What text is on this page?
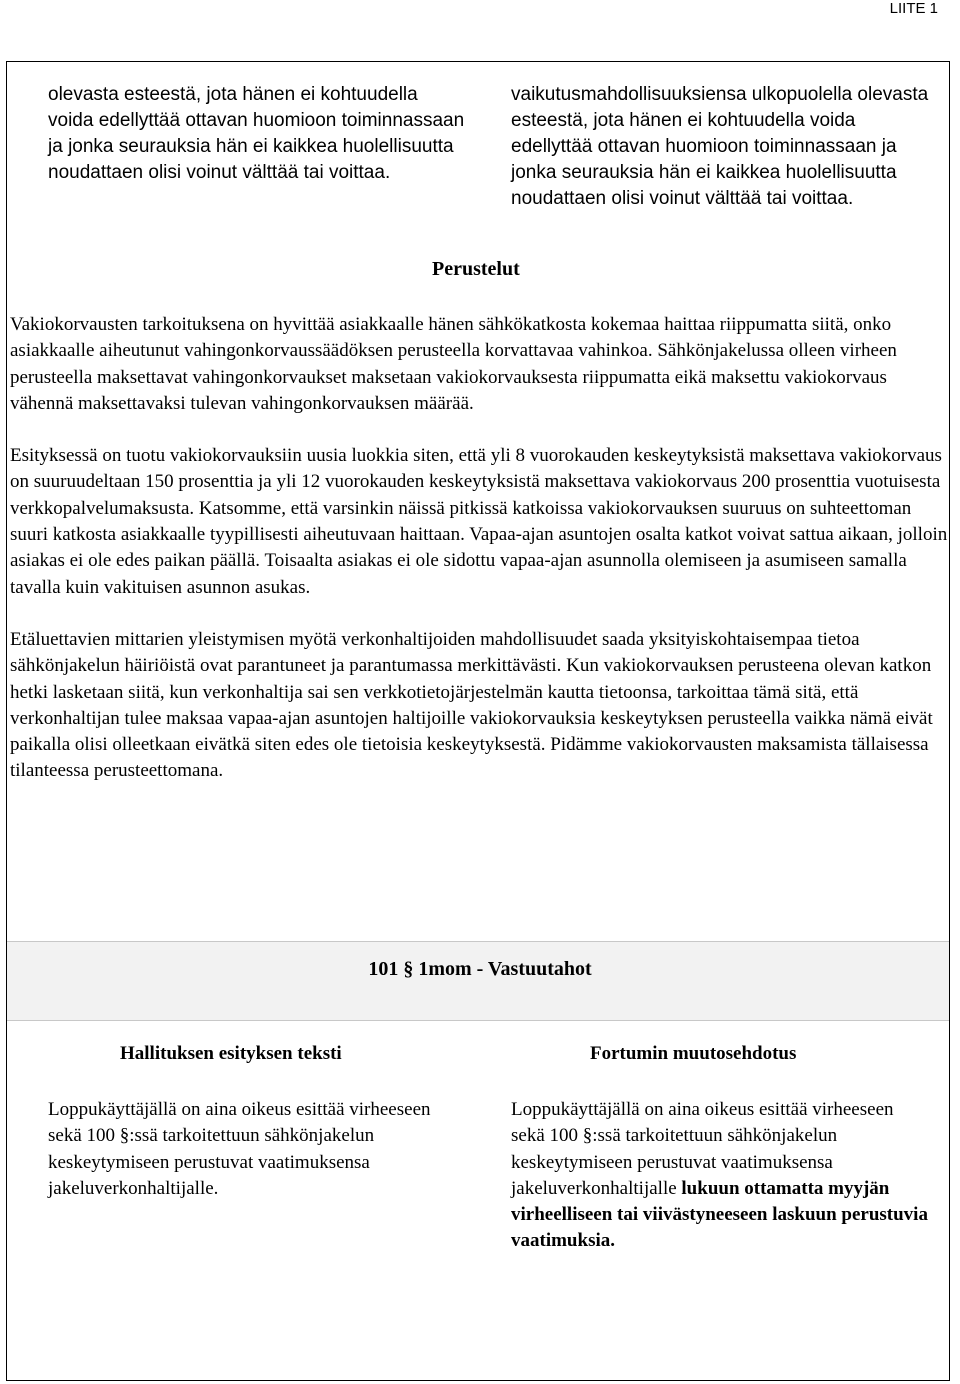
LIITE 1
olevasta esteestä, jota hänen ei kohtuudella voida edellyttää ottavan huomioon toiminnassaan ja jonka seurauksia hän ei kaikkea huolellisuutta noudattaen olisi voinut välttää tai voittaa.
vaikutusmahdollisuuksiensa ulkopuolella olevasta esteestä, jota hänen ei kohtuudella voida edellyttää ottavan huomioon toiminnassaan ja jonka seurauksia hän ei kaikkea huolellisuutta noudattaen olisi voinut välttää tai voittaa.
Perustelut

Vakiokorvausten tarkoituksena on hyvittää asiakkaalle hänen sähkökatkosta kokemaa haittaa riippumatta siitä, onko asiakkaalle aiheutunut vahingonkorvaussäädöksen perusteella korvattavaa vahinkoa. Sähkönjakelussa olleen virheen perusteella maksettavat vahingonkorvaukset maksetaan vakiokorvauksesta riippumatta eikä maksettu vakiokorvaus vähennä maksettavaksi tulevan vahingonkorvauksen määrää.

Esityksessä on tuotu vakiokorvauksiin uusia luokkia siten, että yli 8 vuorokauden keskeytyksistä maksettava vakiokorvaus on suuruudeltaan 150 prosenttia ja yli 12 vuorokauden keskeytyksistä maksettava vakiokorvaus 200 prosenttia vuotuisesta verkkopalvelumaksusta. Katsomme, että varsinkin näissä pitkissä katkoissa vakiokorvauksen suuruus on suhteettoman suuri katkosta asiakkaalle tyypillisesti aiheutuvaan haittaan. Vapaa-ajan asuntojen osalta katkot voivat sattua aikaan, jolloin asiakas ei ole edes paikan päällä. Toisaalta asiakas ei ole sidottu vapaa-ajan asunnolla olemiseen ja asumiseen samalla tavalla kuin vakituisen asunnon asukas.

Etäluettavien mittarien yleistymisen myötä verkonhaltijoiden mahdollisuudet saada yksityiskohtaisempaa tietoa sähkönjakelun häiriöistä ovat parantuneet ja parantumassa merkittävästi. Kun vakiokorvauksen perusteena olevan katkon hetki lasketaan siitä, kun verkonhaltija sai sen verkkotietojärjestelmän kautta tietoonsa, tarkoittaa tämä sitä, että verkonhaltijan tulee maksaa vapaa-ajan asuntojen haltijoille vakiokorvauksia keskeytyksen perusteella vaikka nämä eivät paikalla olisi olleetkaan eivätkä siten edes ole tietoisia keskeytyksestä. Pidämme vakiokorvausten maksamista tällaisessa tilanteessa perusteettomana.

101 § 1mom - Vastuutahot
Hallituksen esityksen teksti	Fortumin muutosehdotus
Loppukäyttäjällä on aina oikeus esittää virheeseen sekä 100 §:ssä tarkoitettuun sähkönjakelun keskeytymiseen perustuvat vaatimuksensa jakeluverkonhaltijalle.
Loppukäyttäjällä on aina oikeus esittää virheeseen sekä 100 §:ssä tarkoitettuun sähkönjakelun keskeytymiseen perustuvat vaatimuksensa jakeluverkonhaltijalle lukuun ottamatta myyjän virheelliseen tai viivästyneeseen laskuun perustuvia vaatimuksia.
